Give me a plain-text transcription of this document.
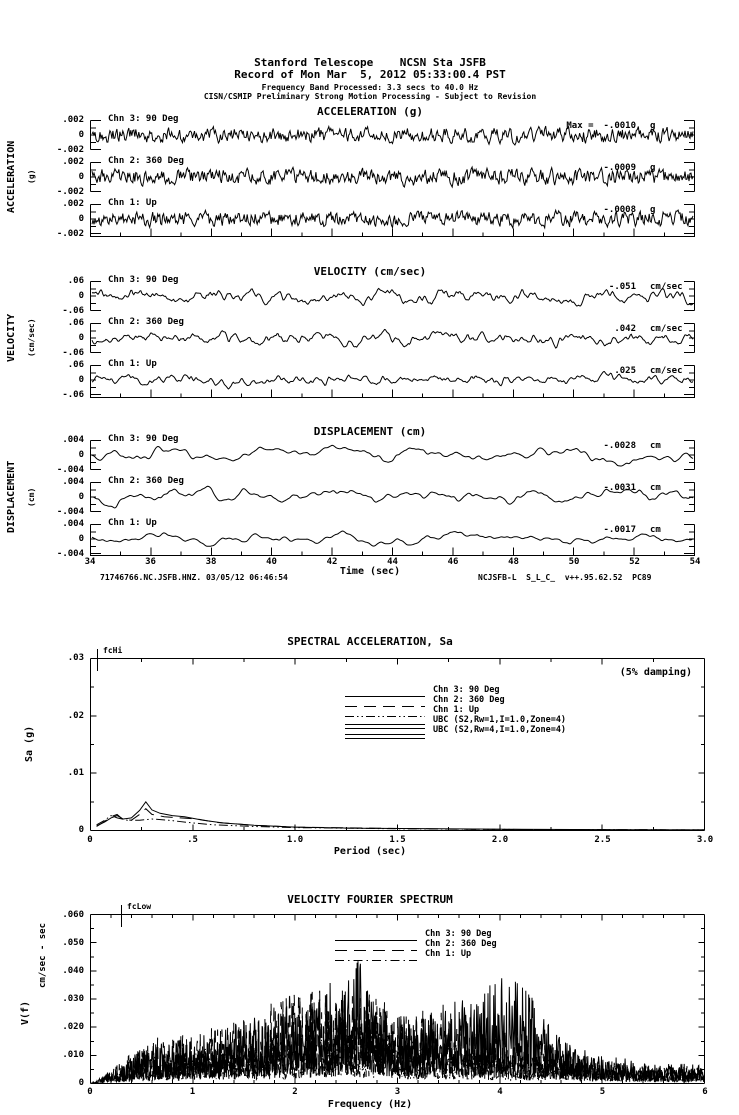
Stanford Telescope    NCSN Sta JSFB
Record of Mon Mar  5, 2012 05:33:00.4 PST
Frequency Band Processed: 3.3 secs to 40.0 Hz
CISN/CSMIP Preliminary Strong Motion Processing - Subject to Revision
ACCELERATION (g)
ACCELERATION (g)
.002
0
-.002
Chn 3: 90 Deg
Max = -.0010 g
.002
0
-.002
Chn 2: 360 Deg
-.0009 g
.002
0
-.002
Chn 1: Up
-.0008 g
VELOCITY (cm/sec)
VELOCITY (cm/sec)
.06
0
-.06
Chn 3: 90 Deg
-.051 cm/sec
.06
0
-.06
Chn 2: 360 Deg
.042 cm/sec
.06
0
-.06
Chn 1: Up
.025 cm/sec
DISPLACEMENT (cm)
DISPLACEMENT (cm)
.004
0
-.004
Chn 3: 90 Deg
-.0028 cm
.004
0
-.004
Chn 2: 360 Deg
-.0031 cm
.004
0
-.004
Chn 1: Up
-.0017 cm
34	36	38	40	42	44	46	48	50	52	54
Time (sec)
71746766.NC.JSFB.HNZ. 03/05/12 06:46:54	NCJSFB-L  S_L_C_  v++.95.62.52  PC89
SPECTRAL ACCELERATION, Sa
fcHi
(5% damping)
Sa (g)
.03
.02
.01
0
Chn 3: 90 Deg
Chn 2: 360 Deg
Chn 1: Up
UBC (S2,Rw=1,I=1.0,Zone=4)
UBC (S2,Rw=4,I=1.0,Zone=4)
0	.5	1.0	1.5	2.0	2.5	3.0
Period (sec)
VELOCITY FOURIER SPECTRUM
fcLow
cm/sec - sec
V(f)
.060
.050
.040
.030
.020
.010
0
Chn 3: 90 Deg
Chn 2: 360 Deg
Chn 1: Up
0	1	2	3	4	5	6
Frequency (Hz)
